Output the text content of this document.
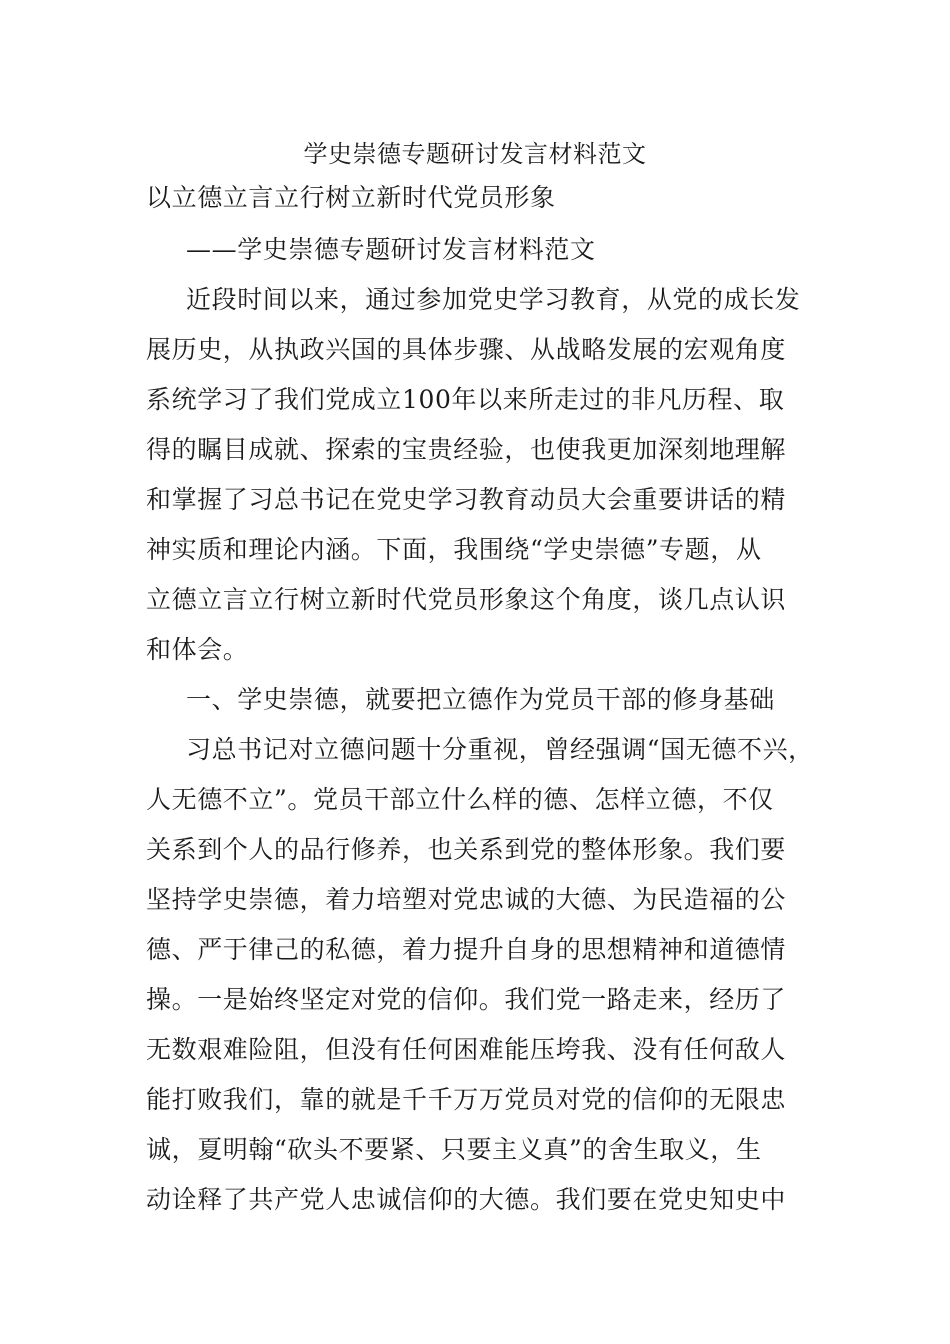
学史崇德专题研讨发言材料范文
以立德立言立行树立新时代党员形象
——学史崇德专题研讨发言材料范文
近段时间以来，通过参加党史学习教育，从党的成长发
展历史，从执政兴国的具体步骤、从战略发展的宏观角度
系统学习了我们党成立100年以来所走过的非凡历程、取
得的瞩目成就、探索的宝贵经验，也使我更加深刻地理解
和掌握了习总书记在党史学习教育动员大会重要讲话的精
神实质和理论内涵。下面，我围绕“学史崇德”专题，从
立德立言立行树立新时代党员形象这个角度，谈几点认识
和体会。
一、学史崇德，就要把立德作为党员干部的修身基础
习总书记对立德问题十分重视，曾经强调“国无德不兴，
人无德不立”。党员干部立什么样的德、怎样立德，不仅
关系到个人的品行修养，也关系到党的整体形象。我们要
坚持学史崇德，着力培塑对党忠诚的大德、为民造福的公
德、严于律己的私德，着力提升自身的思想精神和道德情
操。一是始终坚定对党的信仰。我们党一路走来，经历了
无数艰难险阻，但没有任何困难能压垮我、没有任何敌人
能打败我们，靠的就是千千万万党员对党的信仰的无限忠
诚，夏明翰“砍头不要紧、只要主义真”的舍生取义，生
动诠释了共产党人忠诚信仰的大德。我们要在党史知史中
